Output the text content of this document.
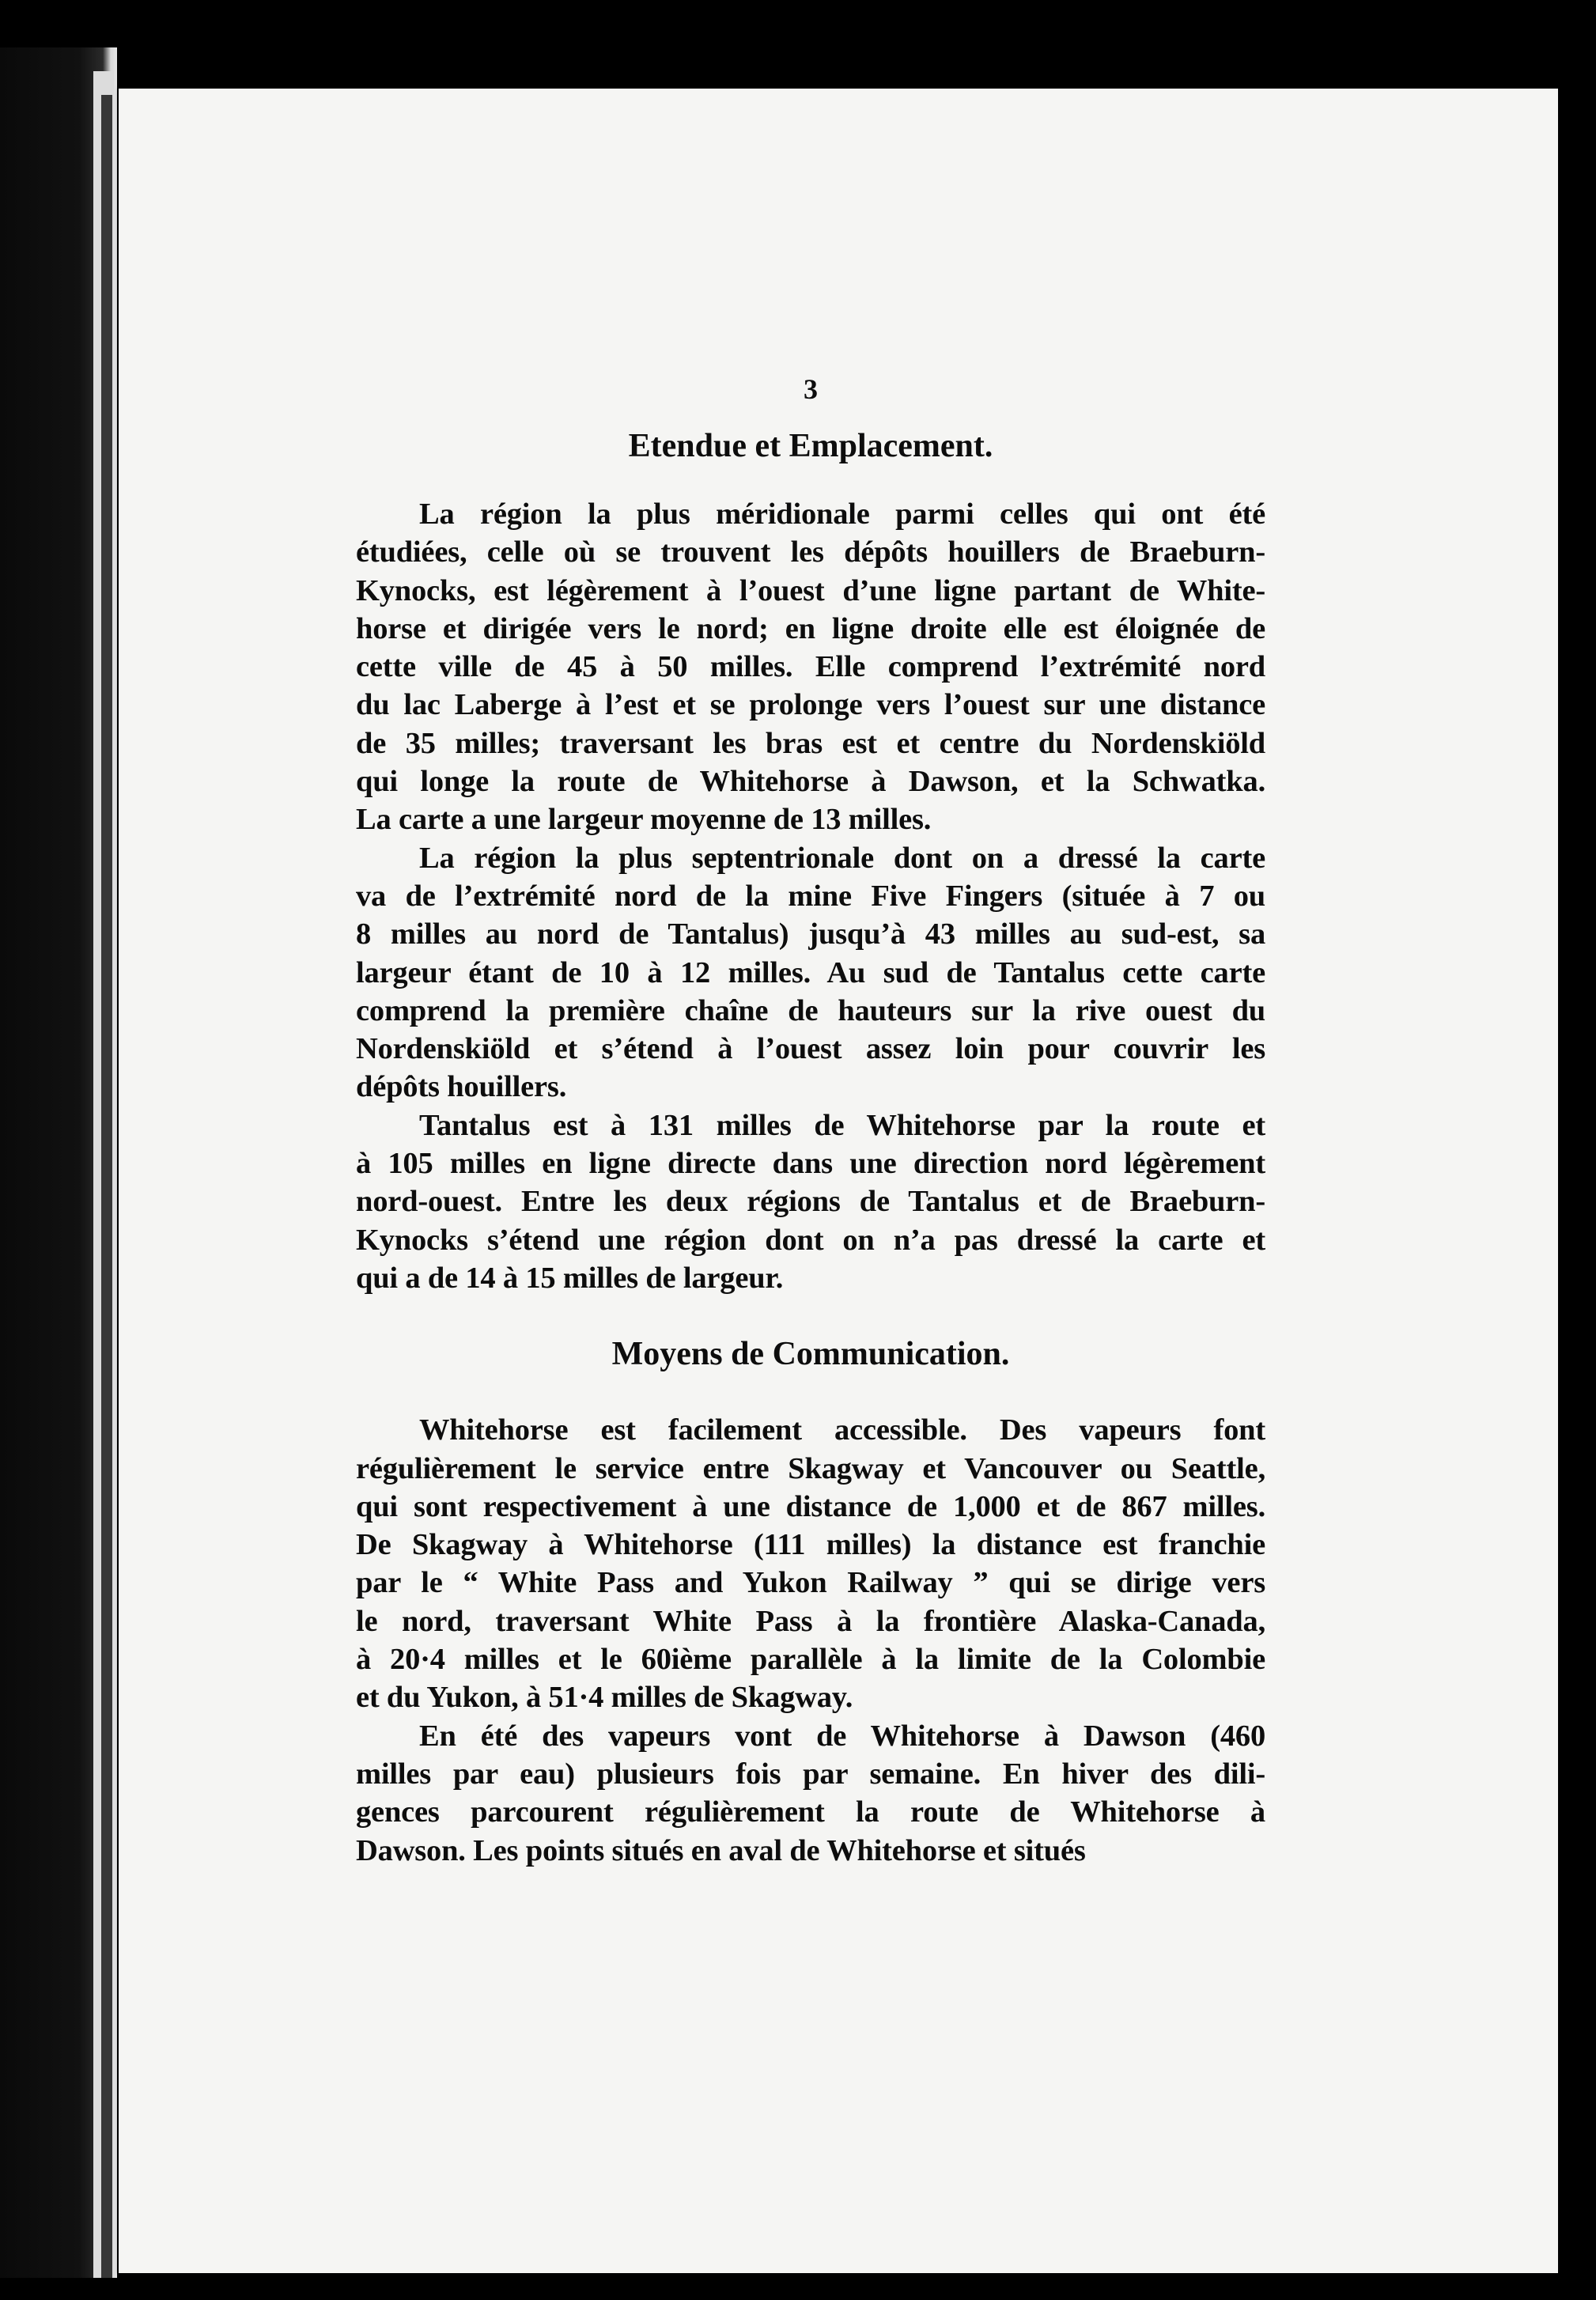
3
Etendue et Emplacement.
La région la plus méridionale parmi celles qui ont été
étudiées, celle où se trouvent les dépôts houillers de Braeburn-
Kynocks, est légèrement à l’ouest d’une ligne partant de White-
horse et dirigée vers le nord; en ligne droite elle est éloignée de
cette ville de 45 à 50 milles. Elle comprend l’extrémité nord
du lac Laberge à l’est et se prolonge vers l’ouest sur une distance
de 35 milles; traversant les bras est et centre du Nordenskiöld
qui longe la route de Whitehorse à Dawson, et la Schwatka.
La carte a une largeur moyenne de 13 milles.
La région la plus septentrionale dont on a dressé la carte
va de l’extrémité nord de la mine Five Fingers (située à 7 ou
8 milles au nord de Tantalus) jusqu’à 43 milles au sud-est, sa
largeur étant de 10 à 12 milles. Au sud de Tantalus cette carte
comprend la première chaîne de hauteurs sur la rive ouest du
Nordenskiöld et s’étend à l’ouest assez loin pour couvrir les
dépôts houillers.
Tantalus est à 131 milles de Whitehorse par la route et
à 105 milles en ligne directe dans une direction nord légèrement
nord-ouest. Entre les deux régions de Tantalus et de Braeburn-
Kynocks s’étend une région dont on n’a pas dressé la carte et
qui a de 14 à 15 milles de largeur.
Moyens de Communication.
Whitehorse est facilement accessible. Des vapeurs font
régulièrement le service entre Skagway et Vancouver ou Seattle,
qui sont respectivement à une distance de 1,000 et de 867 milles.
De Skagway à Whitehorse (111 milles) la distance est franchie
par le “ White Pass and Yukon Railway ” qui se dirige vers
le nord, traversant White Pass à la frontière Alaska-Canada,
à 20·4 milles et le 60ième parallèle à la limite de la Colombie
et du Yukon, à 51·4 milles de Skagway.
En été des vapeurs vont de Whitehorse à Dawson (460
milles par eau) plusieurs fois par semaine. En hiver des dili-
gences parcourent régulièrement la route de Whitehorse à
Dawson. Les points situés en aval de Whitehorse et situés
